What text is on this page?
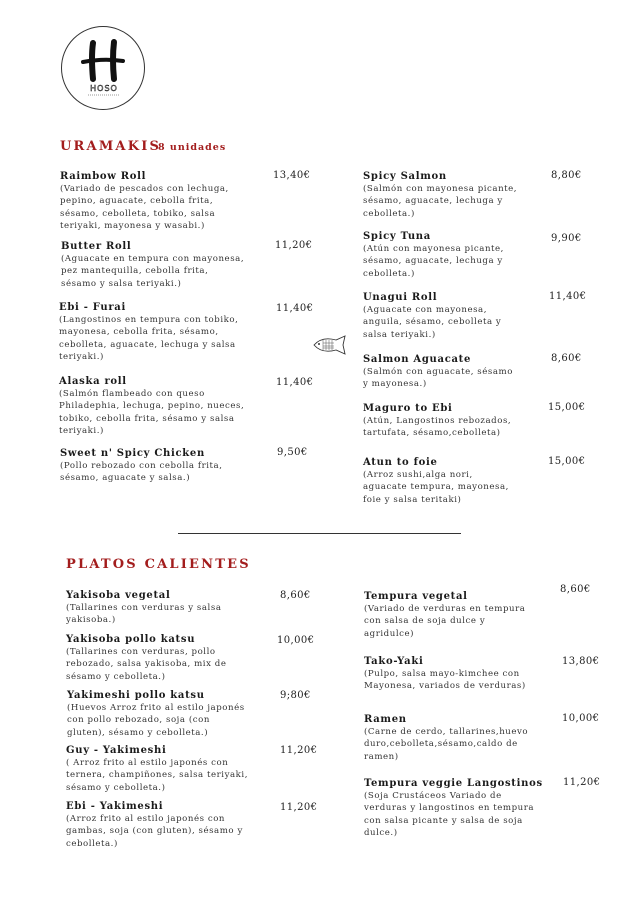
HOSO
URAMAKIS
8 unidades
PLATOS CALIENTES
Raimbow Roll
(Variado de pescados con lechuga,
pepino, aguacate, cebolla frita,
sésamo, cebolleta, tobiko, salsa
teriyaki, mayonesa y wasabi.)
13,40€
Butter Roll
(Aguacate en tempura con mayonesa,
pez mantequilla, cebolla frita,
sésamo y salsa teriyaki.)
11,20€
Ebi - Furai
(Langostinos en tempura con tobiko,
mayonesa, cebolla frita, sésamo,
cebolleta, aguacate, lechuga y salsa
teriyaki.)
11,40€
Alaska roll
(Salmón flambeado con queso
Philadephia, lechuga, pepino, nueces,
tobiko, cebolla frita, sésamo y salsa
teriyaki.)
11,40€
Sweet n' Spicy Chicken
(Pollo rebozado con cebolla frita,
sésamo, aguacate y salsa.)
9,50€
Spicy Salmon
(Salmón con mayonesa picante,
sésamo, aguacate, lechuga y
cebolleta.)
8,80€
Spicy Tuna
(Atún con mayonesa picante,
sésamo, aguacate, lechuga y
cebolleta.)
9,90€
Unagui Roll
(Aguacate con mayonesa,
anguila, sésamo, cebolleta y
salsa teriyaki.)
11,40€
Salmon Aguacate
(Salmón con aguacate, sésamo
y mayonesa.)
8,60€
Maguro to Ebi
(Atún, Langostinos rebozados,
tartufata, sésamo,cebolleta)
15,00€
Atun to foie
(Arroz sushi,alga nori,
aguacate tempura, mayonesa,
foie y salsa teritaki)
15,00€
Yakisoba vegetal
(Tallarines con verduras y salsa
yakisoba.)
8,60€
Yakisoba pollo katsu
(Tallarines con verduras, pollo
rebozado, salsa yakisoba, mix de
sésamo y cebolleta.)
10,00€
Yakimeshi pollo katsu
(Huevos Arroz frito al estilo japonés
con pollo rebozado, soja (con
gluten), sésamo y cebolleta.)
9;80€
Guy - Yakimeshi
( Arroz frito al estilo japonés con
ternera, champiñones, salsa teriyaki,
sésamo y cebolleta.)
11,20€
Ebi - Yakimeshi
(Arroz frito al estilo japonés con
gambas, soja (con gluten), sésamo y
cebolleta.)
11,20€
Tempura vegetal
(Variado de verduras en tempura
con salsa de soja dulce y
agridulce)
8,60€
Tako-Yaki
(Pulpo, salsa mayo-kimchee con
Mayonesa, variados de verduras)
13,80€
Ramen
(Carne de cerdo, tallarines,huevo
duro,cebolleta,sésamo,caldo de
ramen)
10,00€
Tempura veggie Langostinos
(Soja Crustáceos Variado de
verduras y langostinos en tempura
con salsa picante y salsa de soja
dulce.)
11,20€
